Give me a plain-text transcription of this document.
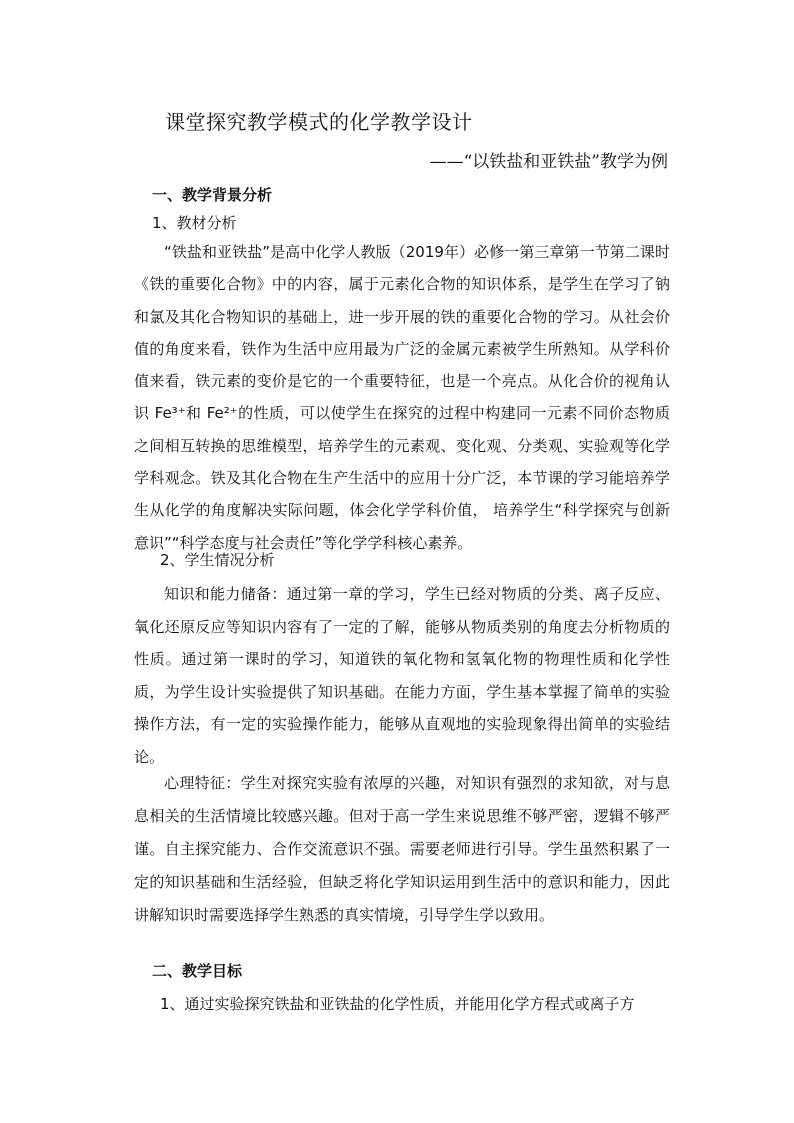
课堂探究教学模式的化学教学设计
——“以铁盐和亚铁盐”教学为例
一、教学背景分析
1、教材分析

“铁盐和亚铁盐”是高中化学人教版（2019年）必修一第三章第一节第二课时《铁的重要化合物》中的内容，属于元素化合物的知识体系，是学生在学习了钠和氯及其化合物知识的基础上，进一步开展的铁的重要化合物的学习。从社会价值的角度来看，铁作为生活中应用最为广泛的金属元素被学生所熟知。从学科价值来看，铁元素的变价是它的一个重要特征，也是一个亮点。从化合价的视角认识 Fe³⁺和 Fe²⁺的性质，可以使学生在探究的过程中构建同一元素不同价态物质之间相互转换的思维模型，培养学生的元素观、变化观、分类观、实验观等化学学科观念。铁及其化合物在生产生活中的应用十分广泛，本节课的学习能培养学生从化学的角度解决实际问题，体会化学学科价值， 培养学生“科学探究与创新意识”“科学态度与社会责任”等化学学科核心素养。

2、学生情况分析

知识和能力储备：通过第一章的学习，学生已经对物质的分类、离子反应、氧化还原反应等知识内容有了一定的了解，能够从物质类别的角度去分析物质的性质。通过第一课时的学习，知道铁的氧化物和氢氧化物的物理性质和化学性质，为学生设计实验提供了知识基础。在能力方面，学生基本掌握了简单的实验操作方法，有一定的实验操作能力，能够从直观地的实验现象得出简单的实验结论。

心理特征：学生对探究实验有浓厚的兴趣，对知识有强烈的求知欲，对与息息相关的生活情境比较感兴趣。但对于高一学生来说思维不够严密，逻辑不够严谨。自主探究能力、合作交流意识不强。需要老师进行引导。学生虽然积累了一定的知识基础和生活经验，但缺乏将化学知识运用到生活中的意识和能力，因此讲解知识时需要选择学生熟悉的真实情境，引导学生学以致用。

二、教学目标
1、通过实验探究铁盐和亚铁盐的化学性质，并能用化学方程式或离子方
